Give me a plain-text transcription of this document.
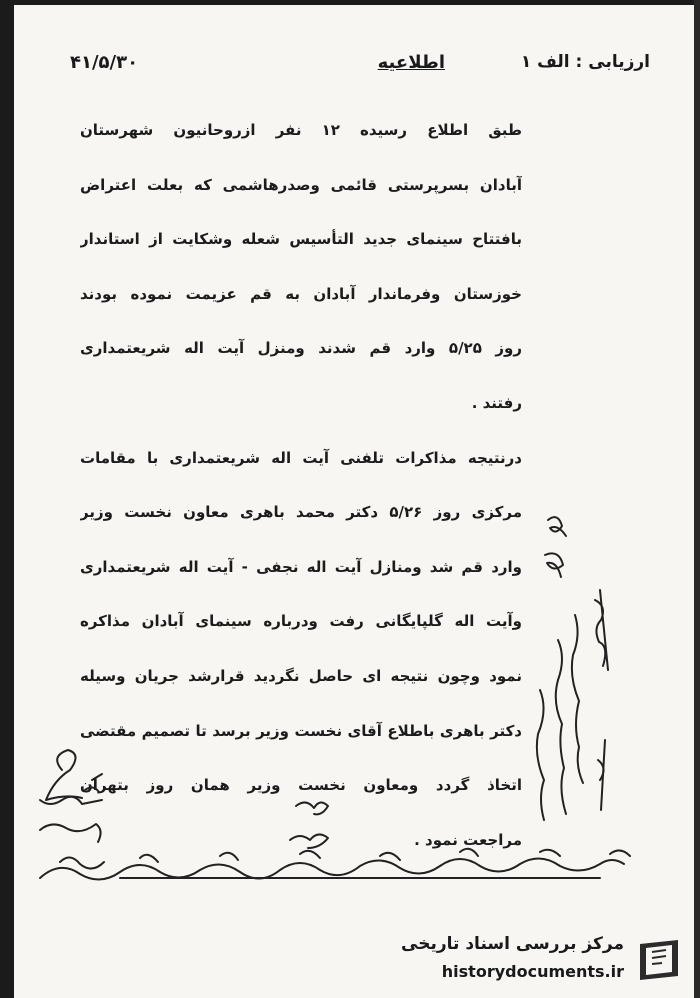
ارزیابی : الف ۱
اطلاعیه
۴۱/۵/۳۰
طبق اطلاع رسیده ۱۲ نفر ازروحانیون شهرستان
آبادان بسرپرستی قائمی وصدرهاشمی که بعلت اعتراض
بافتتاح سینمای جدید التأسیس شعله وشکایت از استاندار
خوزستان وفرماندار آبادان به قم عزیمت نموده بودند
روز ۵/۲۵ وارد قم شدند ومنزل آیت اله شریعتمداری
رفتند .
درنتیجه مذاکرات تلفنی آیت اله شریعتمداری با مقامات
مرکزی روز ۵/۲۶ دکتر محمد باهری معاون نخست وزیر
وارد قم شد ومنازل آیت اله نجفی - آیت اله شریعتمداری
وآیت اله گلپایگانی رفت ودرباره سینمای آبادان مذاکره
نمود وچون نتیجه ای حاصل نگردید قرارشد جریان وسیله
دکتر باهری باطلاع آقای نخست وزیر برسد تا تصمیم مقتضی
اتخاذ گردد ومعاون نخست وزیر همان روز بتهران
مراجعت نمود .
مرکز بررسی اسناد تاریخی
historydocuments.ir
